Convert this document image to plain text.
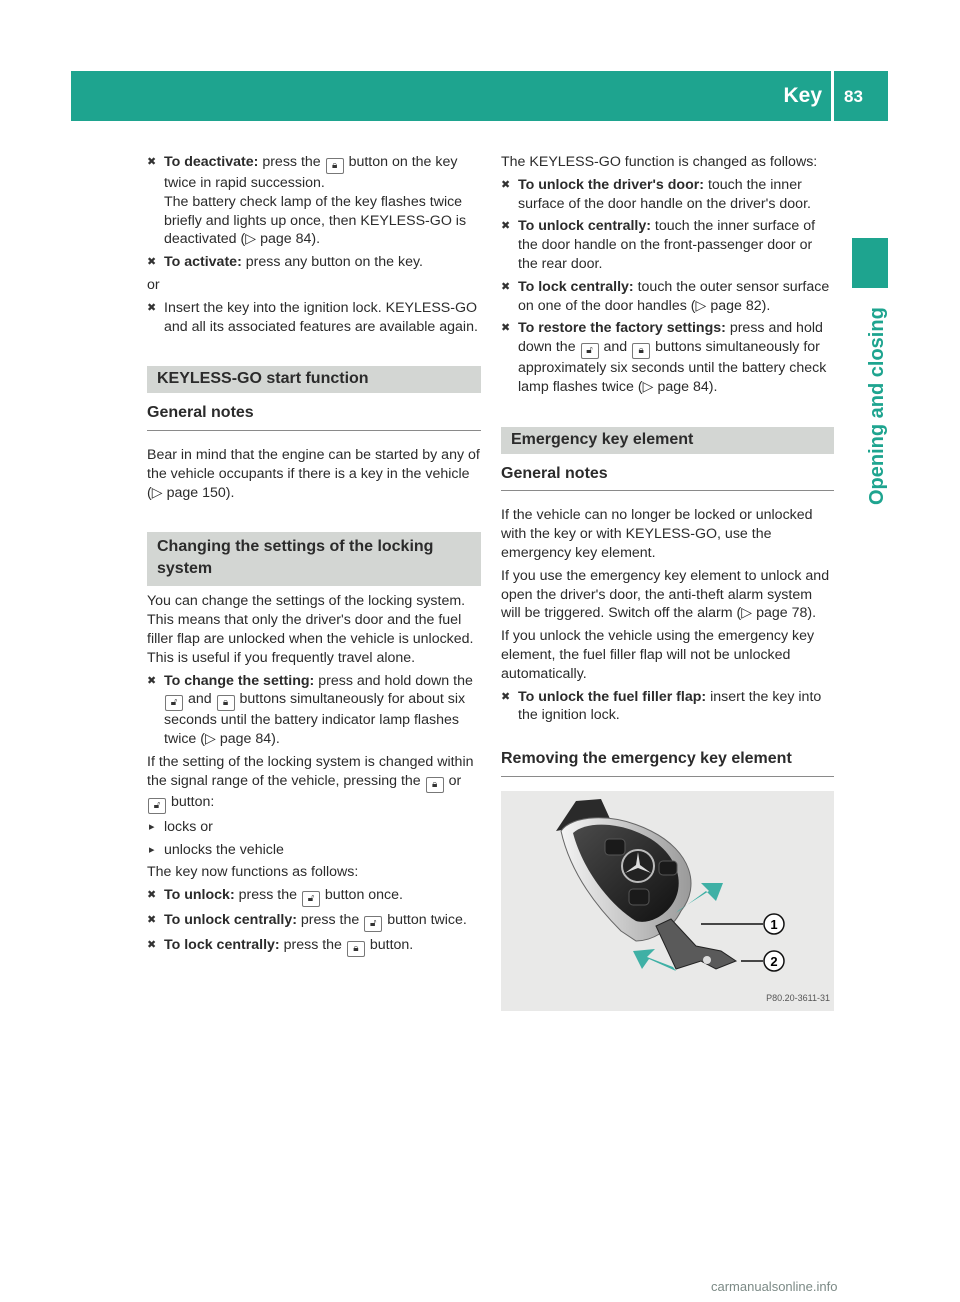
Key 83
Opening and closing
✖ To deactivate: press the 🔒︎ button on the key twice in rapid succession.
The battery check lamp of the key flashes twice briefly and lights up once, then KEYLESS-GO is deactivated (▷ page 84).
✖ To activate: press any button on the key.
or
✖ Insert the key into the ignition lock. KEYLESS-GO and all its associated features are available again.
KEYLESS-GO start function
General notes
Bear in mind that the engine can be started by any of the vehicle occupants if there is a key in the vehicle (▷ page 150).
Changing the settings of the locking system
You can change the settings of the locking system. This means that only the driver's door and the fuel filler flap are unlocked when the vehicle is unlocked. This is useful if you frequently travel alone.
✖ To change the setting: press and hold down the 🔓︎ and 🔒︎ buttons simultaneously for about six seconds until the battery indicator lamp flashes twice (▷ page 84).
If the setting of the locking system is changed within the signal range of the vehicle, pressing the 🔒︎ or 🔓︎ button:
▸ locks or
▸ unlocks the vehicle
The key now functions as follows:
✖ To unlock: press the 🔓︎ button once.
✖ To unlock centrally: press the 🔓︎ button twice.
✖ To lock centrally: press the 🔒︎ button.
The KEYLESS-GO function is changed as follows:
✖ To unlock the driver's door: touch the inner surface of the door handle on the driver's door.
✖ To unlock centrally: touch the inner surface of the door handle on the front-passenger door or the rear door.
✖ To lock centrally: touch the outer sensor surface on one of the door handles (▷ page 82).
✖ To restore the factory settings: press and hold down the 🔓︎ and 🔒︎ buttons simultaneously for approximately six seconds until the battery check lamp flashes twice (▷ page 84).
Emergency key element
General notes
If the vehicle can no longer be locked or unlocked with the key or with KEYLESS-GO, use the emergency key element.
If you use the emergency key element to unlock and open the driver's door, the anti-theft alarm system will be triggered. Switch off the alarm (▷ page 78).
If you unlock the vehicle using the emergency key element, the fuel filler flap will not be unlocked automatically.
✖ To unlock the fuel filler flap: insert the key into the ignition lock.
Removing the emergency key element
1
2
P80.20-3611-31
carmanualsonline.info
